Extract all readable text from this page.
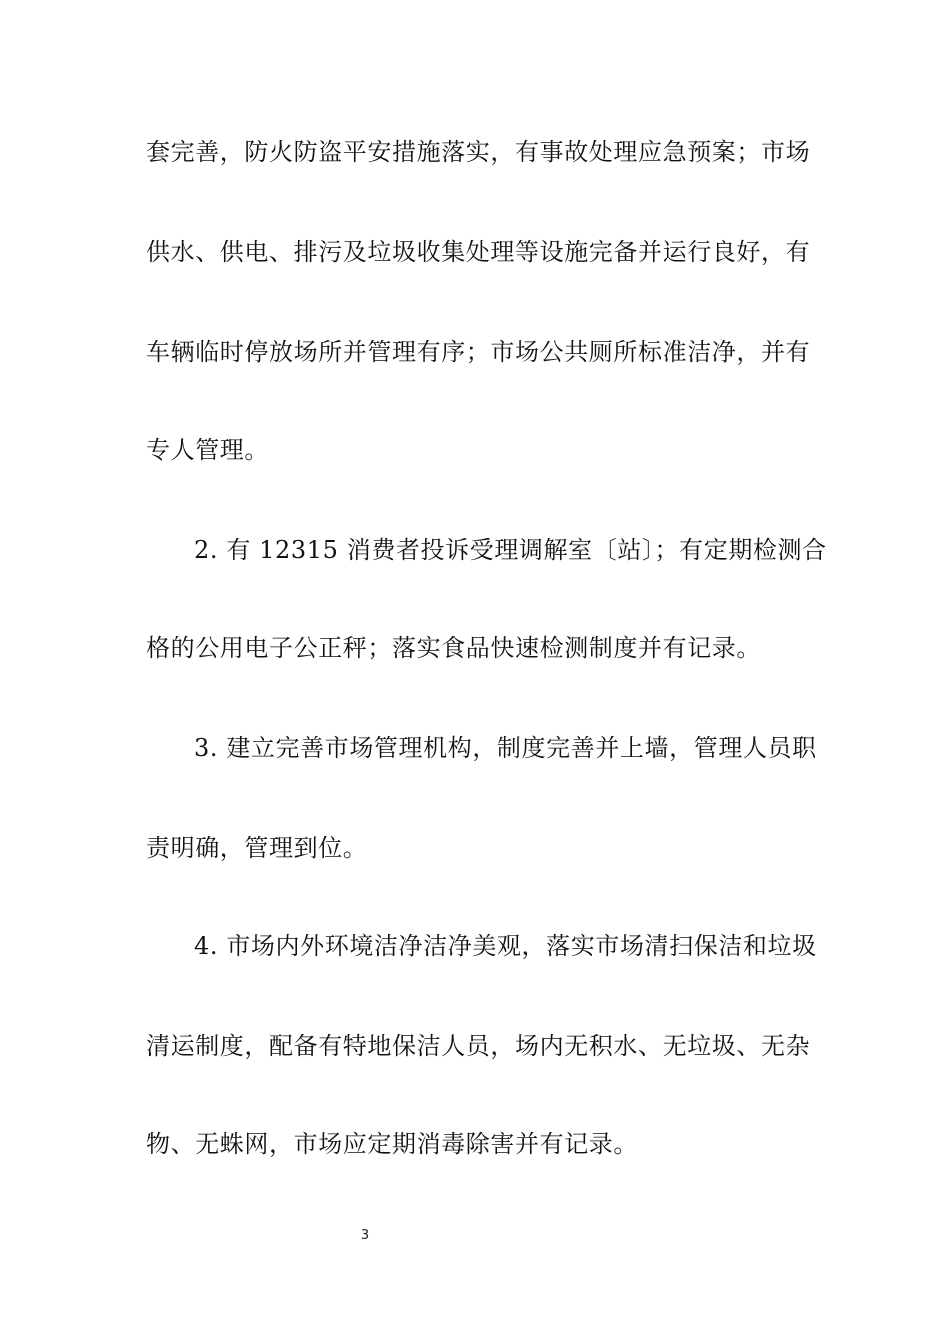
套完善，防火防盗平安措施落实，有事故处理应急预案；市场
供水、供电、排污及垃圾收集处理等设施完备并运行良好，有
车辆临时停放场所并管理有序；市场公共厕所标准洁净，并有
专人管理。
2. 有 12315 消费者投诉受理调解室〔站〕；有定期检测合
格的公用电子公正秤；落实食品快速检测制度并有记录。
3. 建立完善市场管理机构，制度完善并上墙，管理人员职
责明确，管理到位。
4. 市场内外环境洁净洁净美观，落实市场清扫保洁和垃圾
清运制度，配备有特地保洁人员，场内无积水、无垃圾、无杂
物、无蛛网，市场应定期消毒除害并有记录。
3
